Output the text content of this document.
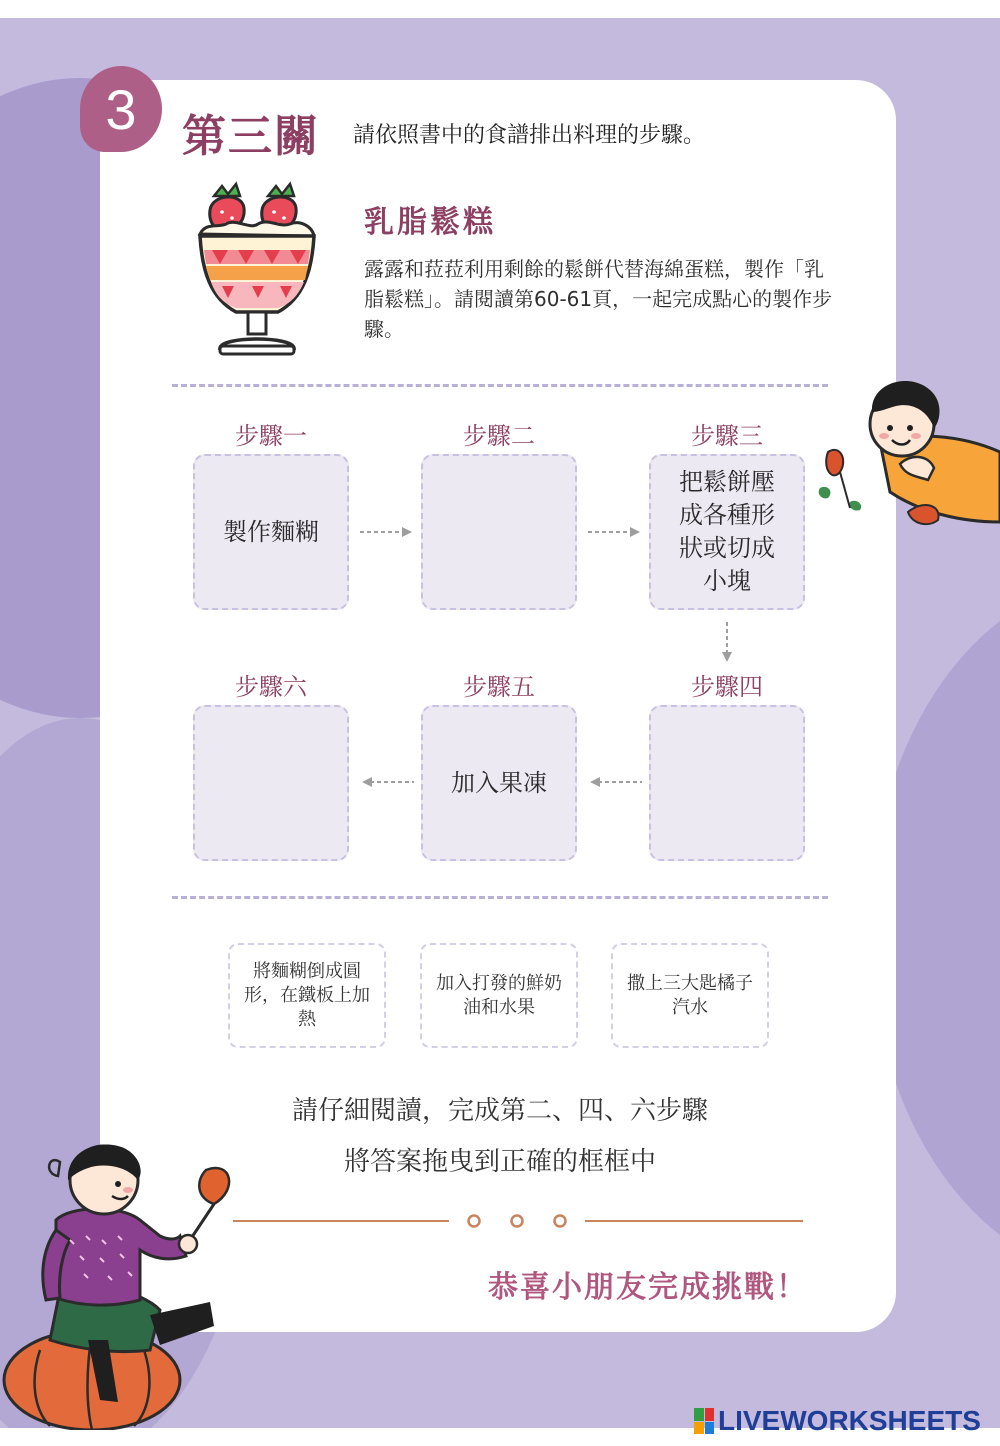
3	第三關 請依照書中的食譜排出料理的步驟。
乳脂鬆糕
露露和菈菈利用剩餘的鬆餅代替海綿蛋糕，製作「乳脂鬆糕」。請閱讀第60-61頁，一起完成點心的製作步驟。
步驟一	步驟二	步驟三
製作麵糊
把鬆餅壓成各種形狀或切成小塊
步驟六	步驟五	步驟四
加入果凍
將麵糊倒成圓形，在鐵板上加熱
加入打發的鮮奶油和水果
撒上三大匙橘子汽水
請仔細閱讀，完成第二、四、六步驟
將答案拖曳到正確的框框中
恭喜小朋友完成挑戰！
LIVEWORKSHEETS
